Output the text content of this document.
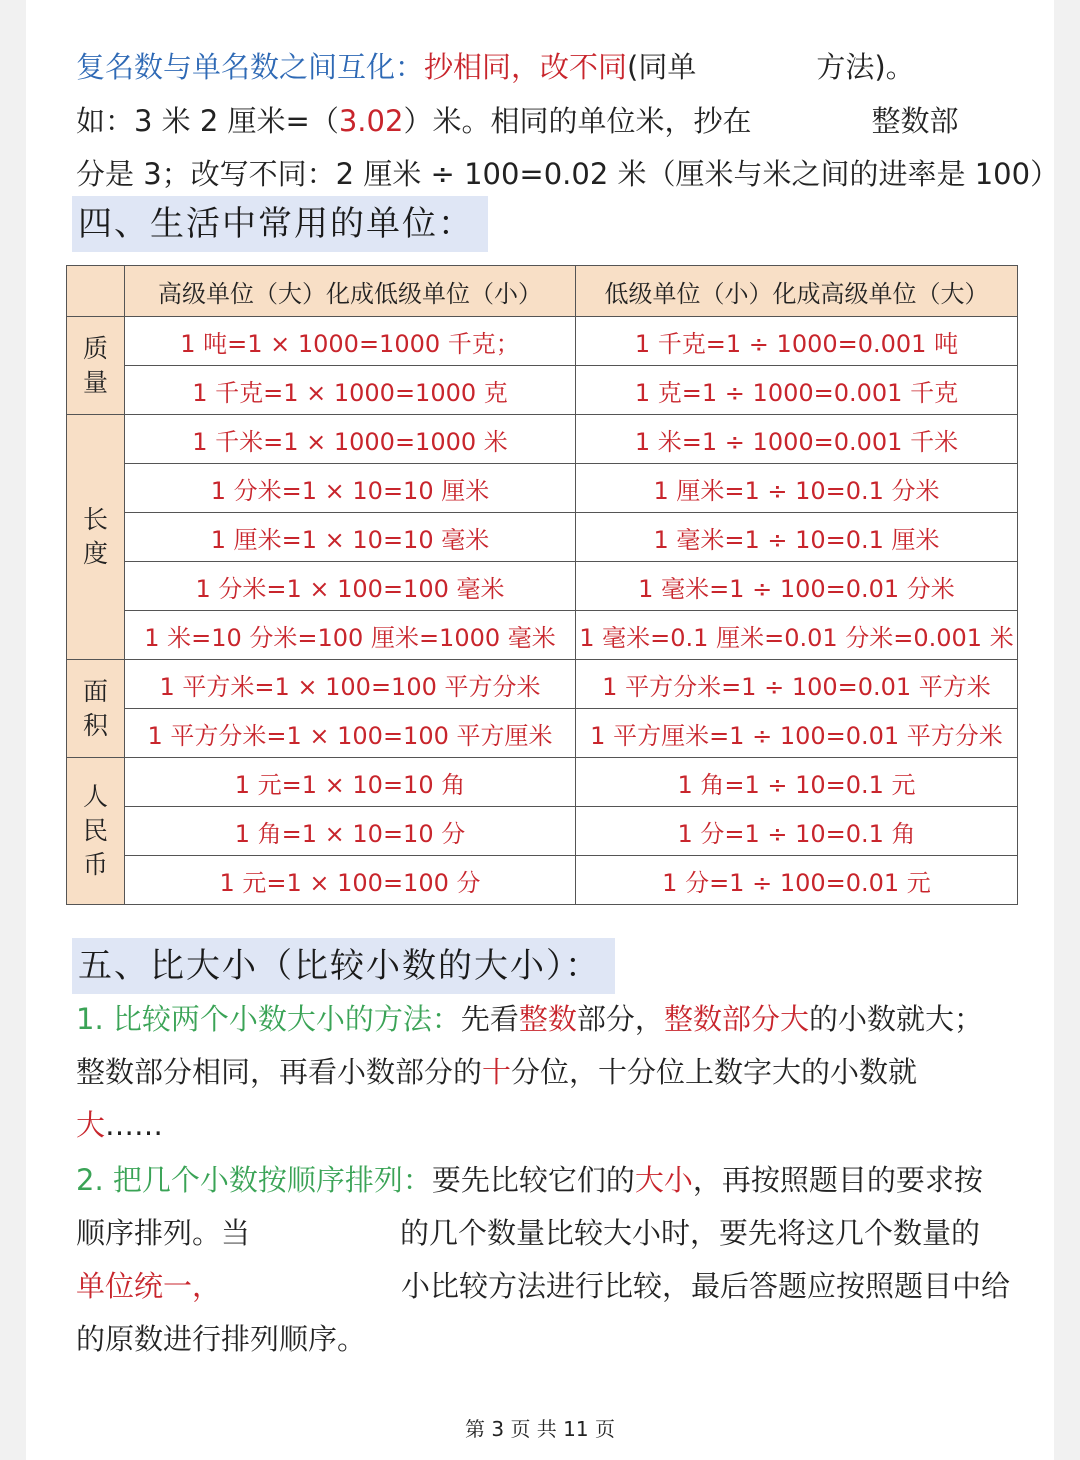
复名数与单名数之间互化：抄相同，改不同(同单	方法)。
如：3 米 2 厘米=（3.02）米。相同的单位米，抄在	整数部
分是 3；改写不同：2 厘米 ÷ 100=0.02 米（厘米与米之间的进率是 100）
四、生活中常用的单位：
	高级单位（大）化成低级单位（小）	低级单位（小）化成高级单位（大）
质
量	1 吨=1 × 1000=1000 千克；	1 千克=1 ÷ 1000=0.001 吨
	1 千克=1 × 1000=1000 克	1 克=1 ÷ 1000=0.001 千克
长
度	1 千米=1 × 1000=1000 米	1 米=1 ÷ 1000=0.001 千米
	1 分米=1 × 10=10 厘米	1 厘米=1 ÷ 10=0.1 分米
	1 厘米=1 × 10=10 毫米	1 毫米=1 ÷ 10=0.1 厘米
	1 分米=1 × 100=100 毫米	1 毫米=1 ÷ 100=0.01 分米
	1 米=10 分米=100 厘米=1000 毫米	1 毫米=0.1 厘米=0.01 分米=0.001 米
面
积	1 平方米=1 × 100=100 平方分米	1 平方分米=1 ÷ 100=0.01 平方米
	1 平方分米=1 × 100=100 平方厘米	1 平方厘米=1 ÷ 100=0.01 平方分米
人
民
币	1 元=1 × 10=10 角	1 角=1 ÷ 10=0.1 元
	1 角=1 × 10=10 分	1 分=1 ÷ 10=0.1 角
	1 元=1 × 100=100 分	1 分=1 ÷ 100=0.01 元
五、比大小（比较小数的大小）：
1. 比较两个小数大小的方法：先看整数部分，整数部分大的小数就大；
整数部分相同，再看小数部分的十分位，十分位上数字大的小数就
大……
2. 把几个小数按顺序排列：要先比较它们的大小，再按照题目的要求按
顺序排列。当	的几个数量比较大小时，要先将这几个数量的
单位统一，	小比较方法进行比较，最后答题应按照题目中给
的原数进行排列顺序。
第 3 页 共 11 页
